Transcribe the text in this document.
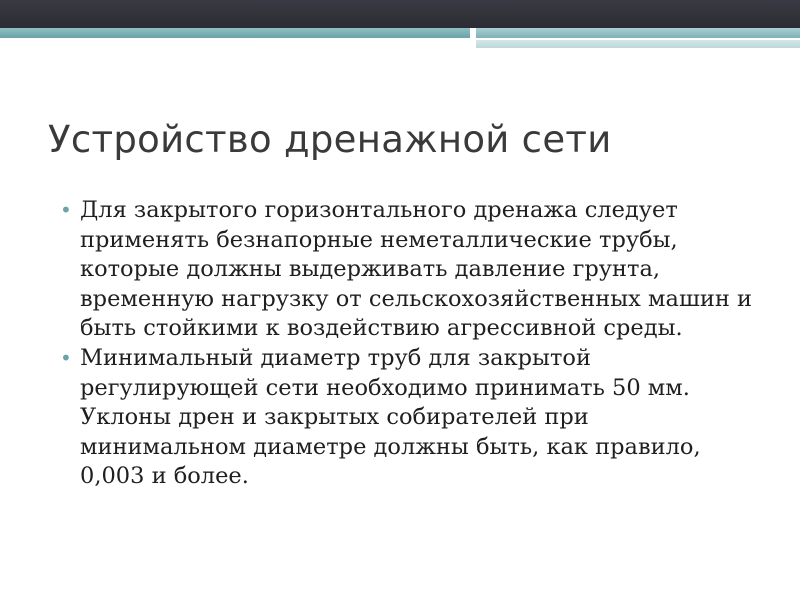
Устройство дренажной сети
• Для закрытого горизонтального дренажа следует применять безнапорные неметаллические трубы, которые должны выдерживать давление грунта, временную нагрузку от сельскохозяйственных машин и быть стойкими к воздействию агрессивной среды.
• Минимальный диаметр труб для закрытой регулирующей сети необходимо принимать 50 мм. Уклоны дрен и закрытых собирателей при минимальном диаметре должны быть, как правило, 0,003 и более.
